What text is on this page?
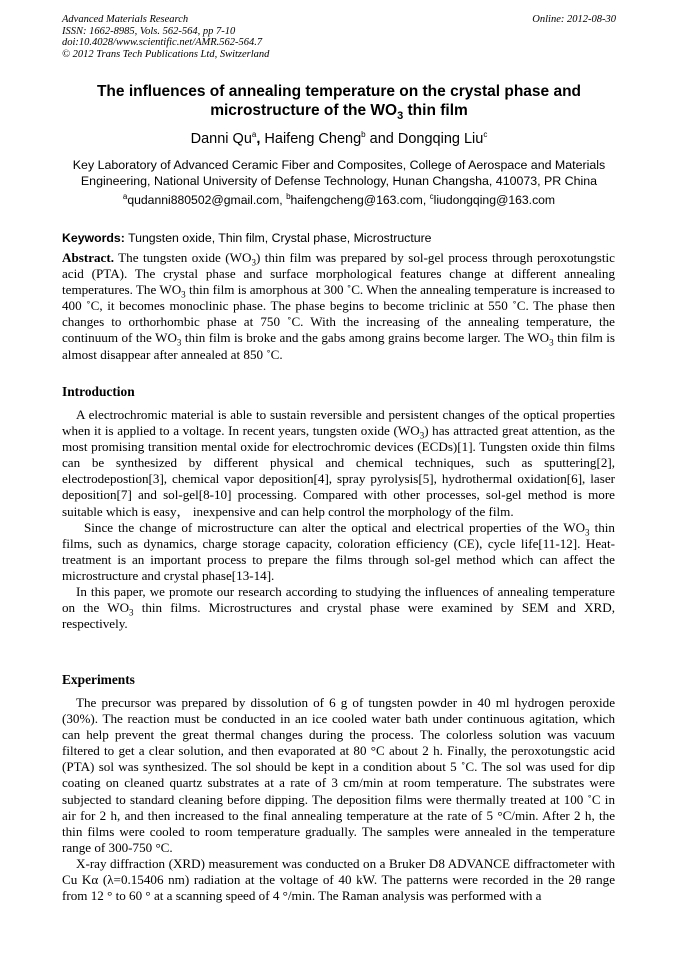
Advanced Materials Research
ISSN: 1662-8985, Vols. 562-564, pp 7-10
doi:10.4028/www.scientific.net/AMR.562-564.7
© 2012 Trans Tech Publications Ltd, Switzerland
Online: 2012-08-30
The influences of annealing temperature on the crystal phase and
microstructure of the $WO_3$ thin film
Danni Qu$^a$, Haifeng Cheng$^b$ and Dongqing Liu$^c$
Key Laboratory of Advanced Ceramic Fiber and Composites, College of Aerospace and Materials
Engineering, National University of Defense Technology, Hunan Changsha, 410073, PR China
$^a$qudanni880502@gmail.com, $^b$haifengcheng@163.com, $^c$liudongqing@163.com
Keywords: Tungsten oxide, Thin film, Crystal phase, Microstructure

Abstract. The tungsten oxide $(WO_3)$ thin film was prepared by sol-gel process through peroxotungstic acid (PTA). The crystal phase and surface morphological features change at different annealing temperatures. The $WO_3$ thin film is amorphous at 300 ˚C. When the annealing temperature is increased to 400 ˚C, it becomes monoclinic phase. The phase begins to become triclinic at 550 ˚C. The phase then changes to orthorhombic phase at 750 ˚C. With the increasing of the annealing temperature, the continuum of the $WO_3$ thin film is broke and the gabs among grains become larger. The $WO_3$ thin film is almost disappear after annealed at 850 ˚C.

Introduction

A electrochromic material is able to sustain reversible and persistent changes of the optical properties when it is applied to a voltage. In recent years, tungsten oxide $(WO_3)$ has attracted great attention, as the most promising transition mental oxide for electrochromic devices (ECDs)[1]. Tungsten oxide thin films can be synthesized by different physical and chemical techniques, such as sputtering[2], electrodepostion[3], chemical vapor deposition[4], spray pyrolysis[5], hydrothermal oxidation[6], laser deposition[7] and sol-gel[8-10] processing. Compared with other processes, sol-gel method is more suitable which is easy， inexpensive and can help control the morphology of the film.

Since the change of microstructure can alter the optical and electrical properties of the $WO_3$ thin films, such as dynamics, charge storage capacity, coloration efficiency (CE), cycle life[11-12]. Heat-treatment is an important process to prepare the films through sol-gel method which can affect the microstructure and crystal phase[13-14].

In this paper, we promote our research according to studying the influences of annealing temperature on the $WO_3$ thin films. Microstructures and crystal phase were examined by SEM and XRD, respectively.

Experiments

The precursor was prepared by dissolution of 6 g of tungsten powder in 40 ml hydrogen peroxide (30%). The reaction must be conducted in an ice cooled water bath under continuous agitation, which can help prevent the great thermal changes during the process. The colorless solution was vacuum filtered to get a clear solution, and then evaporated at 80 °C about 2 h. Finally, the peroxotungstic acid (PTA) sol was synthesized. The sol should be kept in a condition about 5 ˚C. The sol was used for dip coating on cleaned quartz substrates at a rate of 3 cm/min at room temperature. The substrates were subjected to standard cleaning before dipping. The deposition films were thermally treated at 100 ˚C in air for 2 h, and then increased to the final annealing temperature at the rate of 5 °C/min. After 2 h, the thin films were cooled to room temperature gradually. The samples were annealed in the temperature range of 300-750 °C.

X-ray diffraction (XRD) measurement was conducted on a Bruker D8 ADVANCE diffractometer with Cu Kα (λ=0.15406 nm) radiation at the voltage of 40 kW. The patterns were recorded in the 2θ range from 12 ° to 60 ° at a scanning speed of 4 °/min. The Raman analysis was performed with a
